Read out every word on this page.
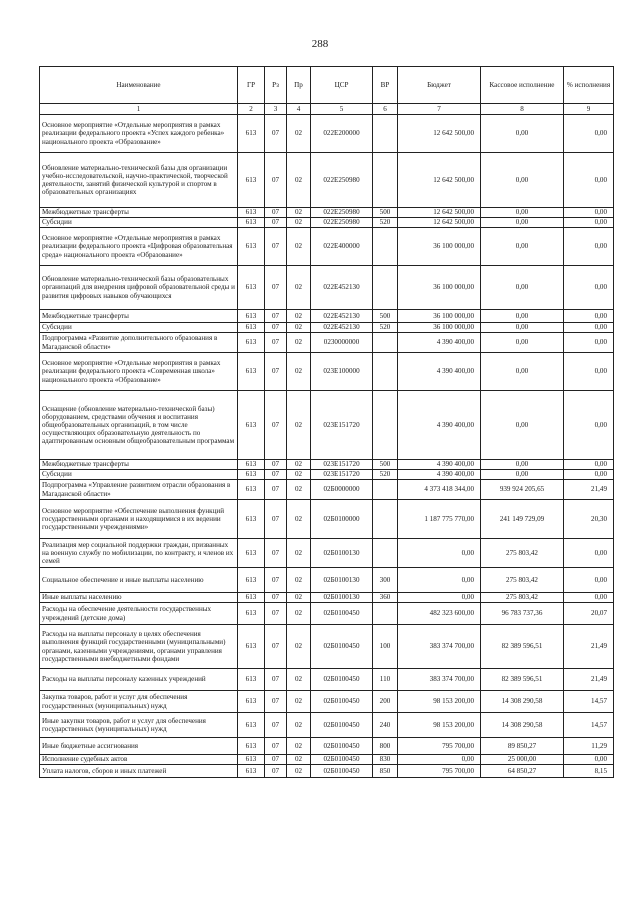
288
Наименование	ГР	Рз	Пр	ЦСР	ВР	Бюджет	Кассовое исполнение	% исполнения
1	2	3	4	5	6	7	8	9
Основное мероприятие «Отдельные мероприятия в рамках реализации федерального проекта «Успех каждого ребенка» национального проекта «Образование»	613	07	02	022E200000		12 642 500,00	0,00	0,00
Обновление материально-технической базы для организации учебно-исследовательской, научно-практической, творческой деятельности, занятий физической культурой и спортом в образовательных организациях	613	07	02	022E250980		12 642 500,00	0,00	0,00
Межбюджетные трансферты	613	07	02	022E250980	500	12 642 500,00	0,00	0,00
Субсидии	613	07	02	022E250980	520	12 642 500,00	0,00	0,00
Основное мероприятие «Отдельные мероприятия в рамках реализации федерального проекта «Цифровая образовательная среда» национального проекта «Образование»	613	07	02	022E400000		36 100 000,00	0,00	0,00
Обновление материально-технической базы образовательных организаций для внедрения цифровой образовательной среды и развития цифровых навыков обучающихся	613	07	02	022E452130		36 100 000,00	0,00	0,00
Межбюджетные трансферты	613	07	02	022E452130	500	36 100 000,00	0,00	0,00
Субсидии	613	07	02	022E452130	520	36 100 000,00	0,00	0,00
Подпрограмма «Развитие дополнительного образования в Магаданской области»	613	07	02	0230000000		4 390 400,00	0,00	0,00
Основное мероприятие «Отдельные мероприятия в рамках реализации федерального проекта «Современная школа» национального проекта «Образование»	613	07	02	023E100000		4 390 400,00	0,00	0,00
Оснащение (обновление материально-технической базы) оборудованием, средствами обучения и воспитания общеобразовательных организаций, в том числе осуществляющих образовательную деятельность по адаптированным основным общеобразовательным программам	613	07	02	023E151720		4 390 400,00	0,00	0,00
Межбюджетные трансферты	613	07	02	023E151720	500	4 390 400,00	0,00	0,00
Субсидии	613	07	02	023E151720	520	4 390 400,00	0,00	0,00
Подпрограмма «Управление развитием отрасли образования в Магаданской области»	613	07	02	02Б0000000		4 373 418 344,00	939 924 205,65	21,49
Основное мероприятие «Обеспечение выполнения функций государственными органами и находящимися в их ведении государственными учреждениями»	613	07	02	02Б0100000		1 187 775 770,00	241 149 729,09	20,30
Реализация мер социальной поддержки граждан, призванных на военную службу по мобилизации, по контракту, и членов их семей	613	07	02	02Б0100130		0,00	275 803,42	0,00
Социальное обеспечение и иные выплаты населению	613	07	02	02Б0100130	300	0,00	275 803,42	0,00
Иные выплаты населению	613	07	02	02Б0100130	360	0,00	275 803,42	0,00
Расходы на обеспечение деятельности государственных учреждений (детские дома)	613	07	02	02Б0100450		482 323 600,00	96 783 737,36	20,07
Расходы на выплаты персоналу в целях обеспечения выполнения функций государственными (муниципальными) органами, казенными учреждениями, органами управления государственными внебюджетными фондами	613	07	02	02Б0100450	100	383 374 700,00	82 389 596,51	21,49
Расходы на выплаты персоналу казенных учреждений	613	07	02	02Б0100450	110	383 374 700,00	82 389 596,51	21,49
Закупка товаров, работ и услуг для обеспечения государственных (муниципальных) нужд	613	07	02	02Б0100450	200	98 153 200,00	14 308 290,58	14,57
Иные закупки товаров, работ и услуг для обеспечения государственных (муниципальных) нужд	613	07	02	02Б0100450	240	98 153 200,00	14 308 290,58	14,57
Иные бюджетные ассигнования	613	07	02	02Б0100450	800	795 700,00	89 850,27	11,29
Исполнение судебных актов	613	07	02	02Б0100450	830	0,00	25 000,00	0,00
Уплата налогов, сборов и иных платежей	613	07	02	02Б0100450	850	795 700,00	64 850,27	8,15
